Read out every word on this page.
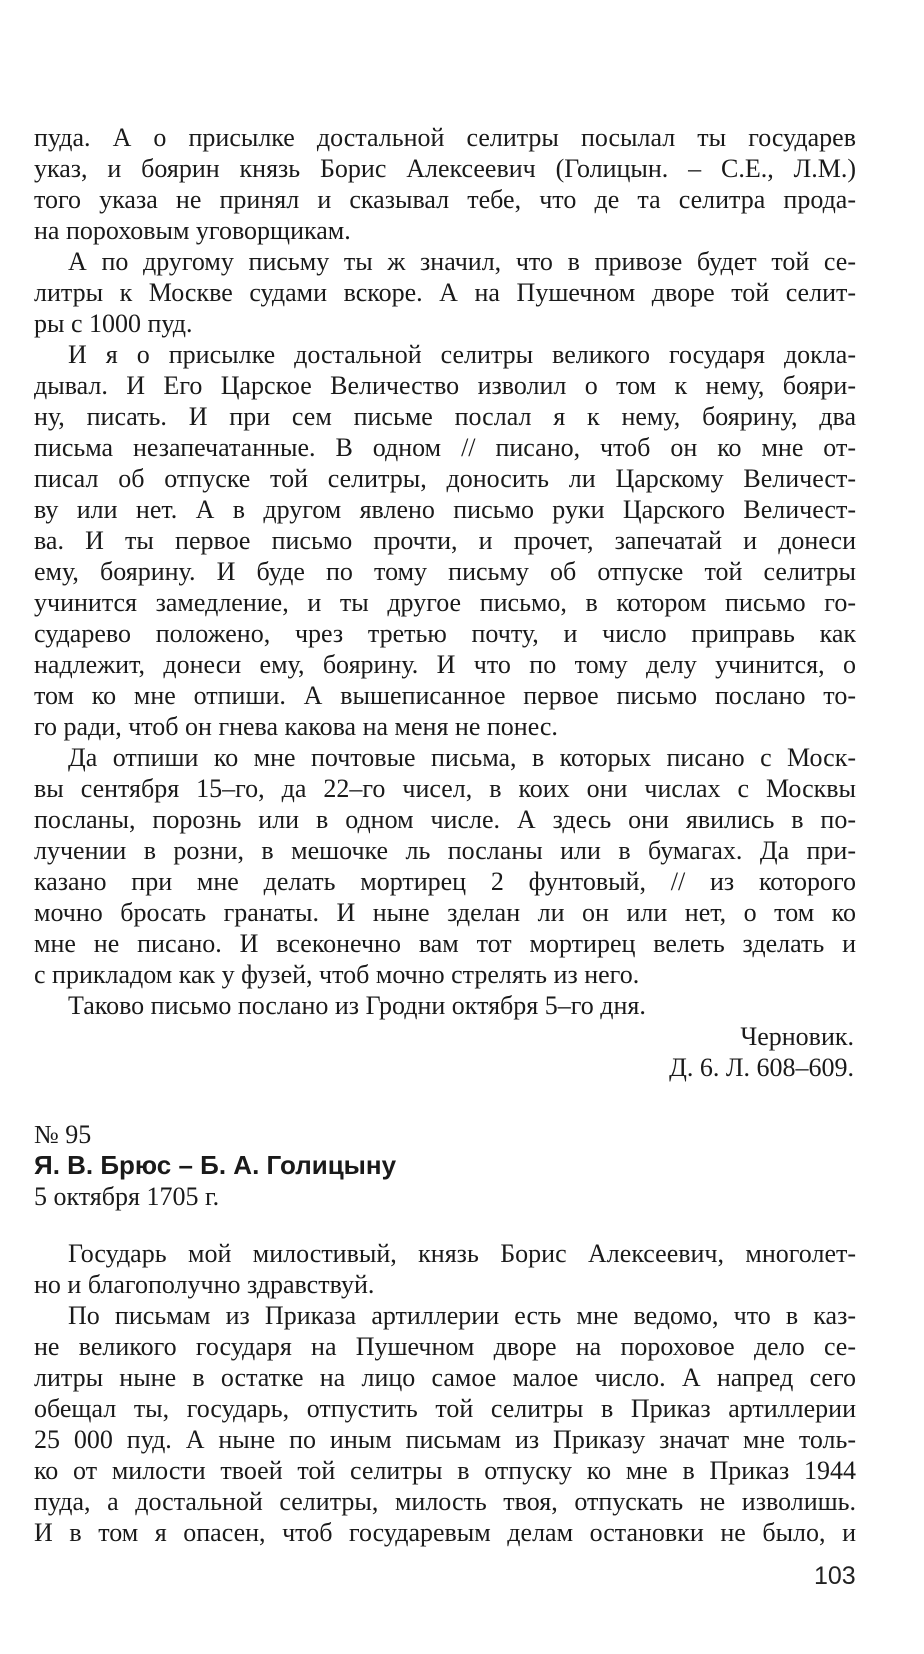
пуда. А о присылке достальной селитры посылал ты государев
указ, и боярин князь Борис Алексеевич (Голицын. – С.Е., Л.М.)
того указа не принял и сказывал тебе, что де та селитра прода-
на пороховым уговорщикам.
А по другому письму ты ж значил, что в привозе будет той се-
литры к Москве судами вскоре. А на Пушечном дворе той селит-
ры с 1000 пуд.
И я о присылке достальной селитры великого государя докла-
дывал. И Его Царское Величество изволил о том к нему, бояри-
ну, писать. И при сем письме послал я к нему, боярину, два
письма незапечатанные. В одном // писано, чтоб он ко мне от-
писал об отпуске той селитры, доносить ли Царскому Величест-
ву или нет. А в другом явлено письмо руки Царского Величест-
ва. И ты первое письмо прочти, и прочет, запечатай и донеси
ему, боярину. И буде по тому письму об отпуске той селитры
учинится замедление, и ты другое письмо, в котором письмо го-
сударево положено, чрез третью почту, и число приправь как
надлежит, донеси ему, боярину. И что по тому делу учинится, о
том ко мне отпиши. А вышеписанное первое письмо послано то-
го ради, чтоб он гнева какова на меня не понес.
Да отпиши ко мне почтовые письма, в которых писано с Моск-
вы сентября 15–го, да 22–го чисел, в коих они числах с Москвы
посланы, порознь или в одном числе. А здесь они явились в по-
лучении в розни, в мешочке ль посланы или в бумагах. Да при-
казано при мне делать мортирец 2 фунтовый, // из которого
мочно бросать гранаты. И ныне зделан ли он или нет, о том ко
мне не писано. И всеконечно вам тот мортирец велеть зделать и
с прикладом как у фузей, чтоб мочно стрелять из него.
Таково письмо послано из Гродни октября 5–го дня.
Черновик.
Д. 6. Л. 608–609.
№ 95
Я. В. Брюс – Б. А. Голицыну
5 октября 1705 г.
Государь мой милостивый, князь Борис Алексеевич, многолет-
но и благополучно здравствуй.
По письмам из Приказа артиллерии есть мне ведомо, что в каз-
не великого государя на Пушечном дворе на пороховое дело се-
литры ныне в остатке на лицо самое малое число. А напред сего
обещал ты, государь, отпустить той селитры в Приказ артиллерии
25 000 пуд. А ныне по иным письмам из Приказу значат мне толь-
ко от милости твоей той селитры в отпуску ко мне в Приказ 1944
пуда, а достальной селитры, милость твоя, отпускать не изволишь.
И в том я опасен, чтоб государевым делам остановки не было, и
103
